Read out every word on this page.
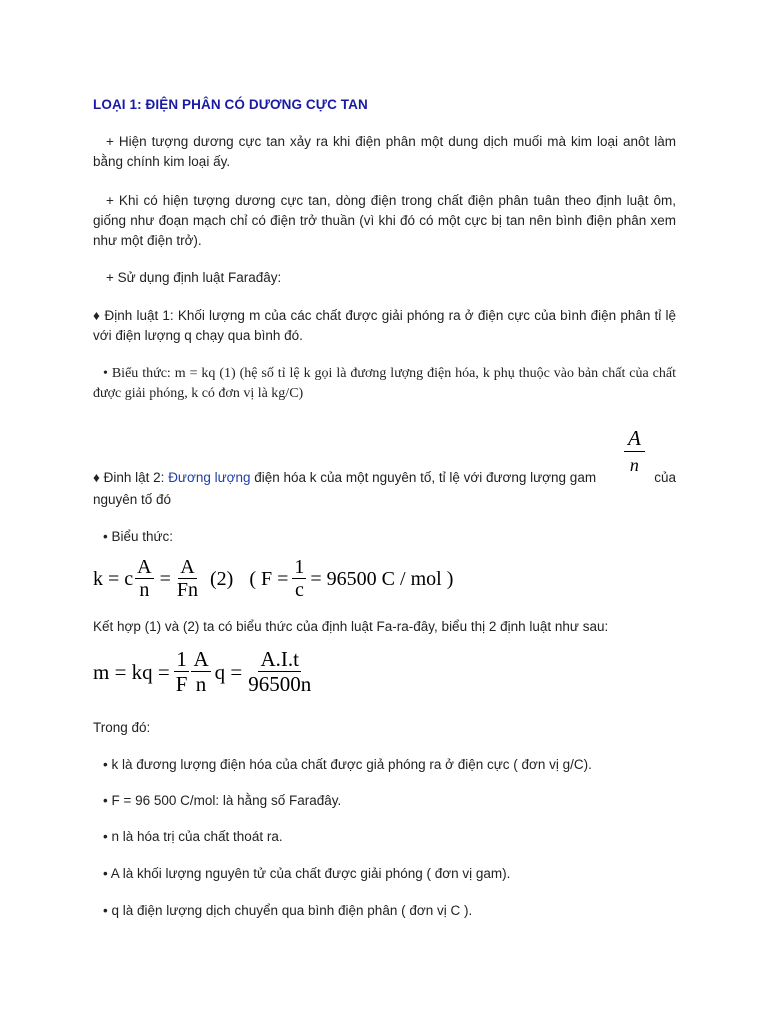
LOẠI 1: ĐIỆN PHÂN CÓ DƯƠNG CỰC TAN
+ Hiện tượng dương cực tan xảy ra khi điện phân một dung dịch muối mà kim loại anôt làm bằng chính kim loại ấy.
+ Khi có hiện tượng dương cực tan, dòng điện trong chất điện phân tuân theo định luật ôm, giống như đoạn mạch chỉ có điện trở thuần (vì khi đó có một cực bị tan nên bình điện phân xem như một điện trở).
+ Sử dụng định luật Farađây:
♦ Định luật 1: Khối lượng m của các chất được giải phóng ra ở điện cực của bình điện phân tỉ lệ với điện lượng q chạy qua bình đó.
• Biểu thức: m = kq (1) (hệ số tỉ lệ k gọi là đương lượng điện hóa, k phụ thuộc vào bản chất của chất được giải phóng, k có đơn vị là kg/C)
A
n
♦ Đinh lật 2: Đương lượng điện hóa k của một nguyên tố, tỉ lệ với đương lượng gam	của
nguyên tố đó
• Biểu thức:
k = c $\frac{A}{n} = \frac{A}{Fn} (2)$ ( $F = \frac{1}{c} = 96500$ C / mol )
Kết hợp (1) và (2) ta có biểu thức của định luật Fa-ra-đây, biểu thị 2 định luật như sau:
m = kq = $\frac{1}{F} \frac{A}{n}$ $q = \frac{A.I.t}{96500n}$
Trong đó:
• k là đương lượng điện hóa của chất được giả phóng ra ở điện cực ( đơn vị g/C).
• F = 96 500 C/mol: là hằng số Farađây.
• n là hóa trị của chất thoát ra.
• A là khối lượng nguyên tử của chất được giải phóng ( đơn vị gam).
• q là điện lượng dịch chuyển qua bình điện phân ( đơn vị C ).
